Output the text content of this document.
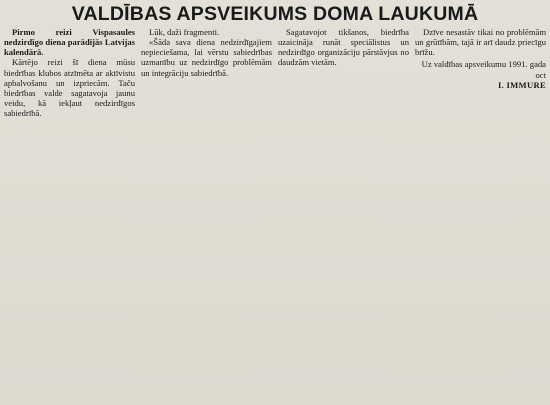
VALDĪBAS APSVEIKUMS DOMA LAUKUMĀ

Pirmo reizi Vispasaules nedzirdīgo diena parādījās Latvijas kalendārā.

Kārtējo reizi šī diena mūsu biedrības klubos atzīmēta ar aktīvistu apbalvošanu un izpriecām. Taču biedrības valde sagatavoja jaunu veidu, kā iekļaut nedzirdīgos sabiedrībā.

Lūk, daži fragmenti.

«Šāda sava diena nedzirdīgajiem nepieciešama, lai vērstu sabiedrības uzmanību uz nedzirdīgo problēmām un integrāciju sabiedrībā.

Sagatavojot tikšanos, biedrība uzaicināja runāt speciālistus un nedzirdīgo organizāciju pārstāvjus no daudzām vietām.

Dzīve nesastāv tikai no problēmām un grūtībām, tajā ir arī daudz priecīgu brīžu.

Uz valdības apsveikumu 1991. gada oct
I. IMMURE
